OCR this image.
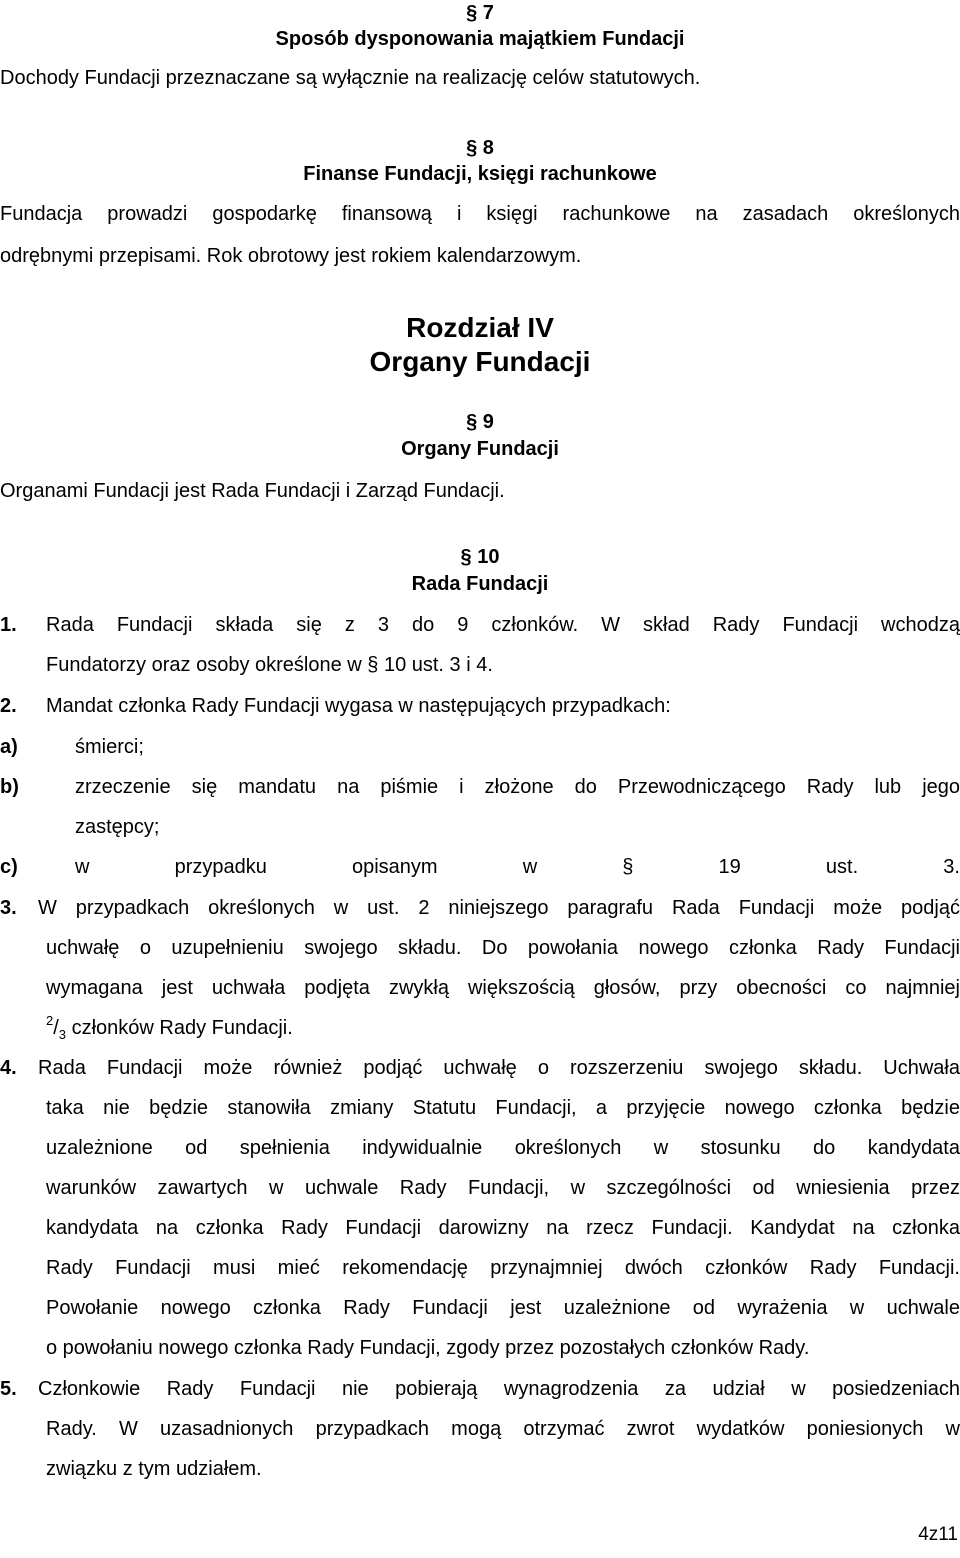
§ 7
Sposób dysponowania majątkiem Fundacji
Dochody Fundacji przeznaczane są wyłącznie na realizację celów statutowych.
§ 8
Finanse Fundacji, księgi rachunkowe
Fundacja prowadzi gospodarkę finansową i księgi rachunkowe na zasadach określonych
odrębnymi przepisami. Rok obrotowy jest rokiem kalendarzowym.
Rozdział IV
Organy Fundacji
§ 9
Organy Fundacji
Organami Fundacji jest Rada Fundacji i Zarząd Fundacji.
§ 10
Rada Fundacji
1. Rada Fundacji składa się z 3 do 9 członków. W skład Rady Fundacji wchodzą
Fundatorzy oraz osoby określone w § 10 ust. 3 i 4.
2. Mandat członka Rady Fundacji wygasa w następujących przypadkach:
a)	śmierci;
b)	zrzeczenie się mandatu na piśmie i złożone do Przewodniczącego Rady lub jego
zastępcy;
c)	w przypadku opisanym w § 19 ust. 3.
3. W przypadkach określonych w ust. 2 niniejszego paragrafu Rada Fundacji może podjąć
uchwałę o uzupełnieniu swojego składu. Do powołania nowego członka Rady Fundacji
wymagana jest uchwała podjęta zwykłą większością głosów, przy obecności co najmniej
$^2/_3$ członków Rady Fundacji.
4. Rada Fundacji może również podjąć uchwałę o rozszerzeniu swojego składu. Uchwała
taka nie będzie stanowiła zmiany Statutu Fundacji, a przyjęcie nowego członka będzie
uzależnione od spełnienia indywidualnie określonych w stosunku do kandydata
warunków zawartych w uchwale Rady Fundacji, w szczególności od wniesienia przez
kandydata na członka Rady Fundacji darowizny na rzecz Fundacji. Kandydat na członka
Rady Fundacji musi mieć rekomendację przynajmniej dwóch członków Rady Fundacji.
Powołanie nowego członka Rady Fundacji jest uzależnione od wyrażenia w uchwale
o powołaniu nowego członka Rady Fundacji, zgody przez pozostałych członków Rady.
5. Członkowie Rady Fundacji nie pobierają wynagrodzenia za udział w posiedzeniach
Rady. W uzasadnionych przypadkach mogą otrzymać zwrot wydatków poniesionych w
związku z tym udziałem.
4z11
